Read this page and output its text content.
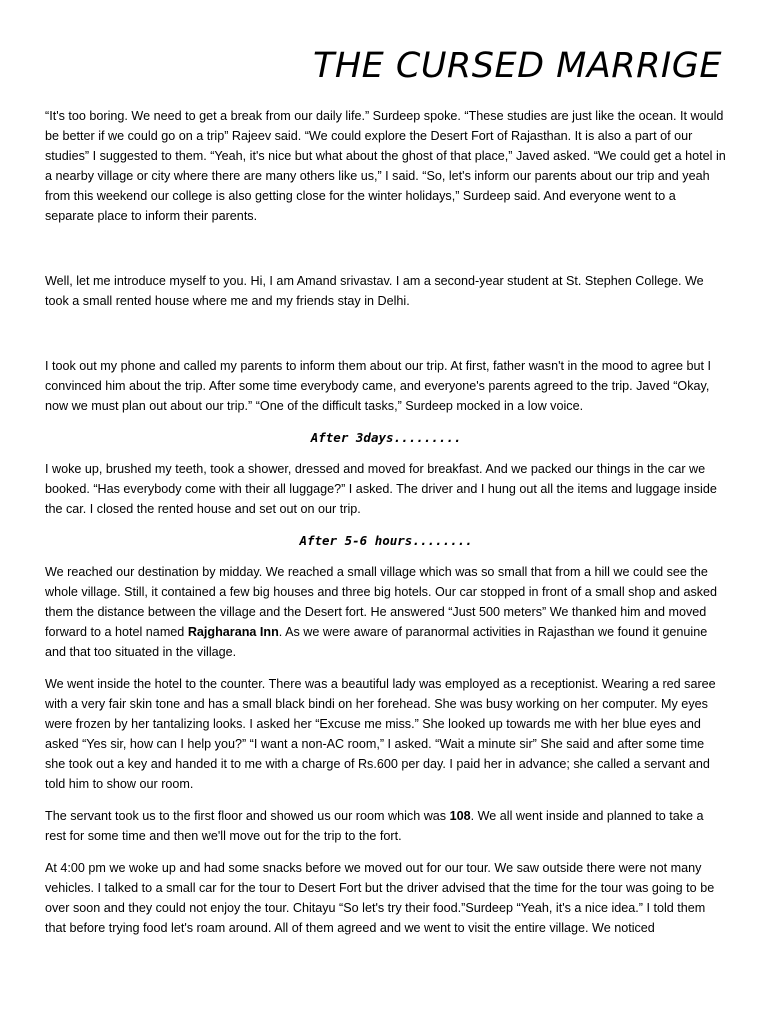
THE CURSED MARRIGE

“It's too boring. We need to get a break from our daily life.” Surdeep spoke. “These studies are just like the ocean. It would be better if we could go on a trip” Rajeev said. “We could explore the Desert Fort of Rajasthan. It is also a part of our studies” I suggested to them. “Yeah, it's nice but what about the ghost of that place,” Javed asked. “We could get a hotel in a nearby village or city where there are many others like us,” I said. “So, let's inform our parents about our trip and yeah from this weekend our college is also getting close for the winter holidays,” Surdeep said. And everyone went to a separate place to inform their parents.

Well, let me introduce myself to you. Hi, I am Amand srivastav. I am a second-year student at St. Stephen College. We took a small rented house where me and my friends stay in Delhi.

I took out my phone and called my parents to inform them about our trip. At first, father wasn't in the mood to agree but I convinced him about the trip. After some time everybody came, and everyone's parents agreed to the trip. Javed “Okay, now we must plan out about our trip.” “One of the difficult tasks,” Surdeep mocked in a low voice.

After 3days.........

I woke up, brushed my teeth, took a shower, dressed and moved for breakfast. And we packed our things in the car we booked. “Has everybody come with their all luggage?” I asked. The driver and I hung out all the items and luggage inside the car. I closed the rented house and set out on our trip.

After 5-6 hours........

We reached our destination by midday. We reached a small village which was so small that from a hill we could see the whole village. Still, it contained a few big houses and three big hotels. Our car stopped in front of a small shop and asked them the distance between the village and the Desert fort. He answered “Just 500 meters” We thanked him and moved forward to a hotel named Rajgharana Inn. As we were aware of paranormal activities in Rajasthan we found it genuine and that too situated in the village.

We went inside the hotel to the counter. There was a beautiful lady was employed as a receptionist. Wearing a red saree with a very fair skin tone and has a small black bindi on her forehead. She was busy working on her computer. My eyes were frozen by her tantalizing looks. I asked her “Excuse me miss.” She looked up towards me with her blue eyes and asked “Yes sir, how can I help you?” “I want a non-AC room,” I asked. “Wait a minute sir” She said and after some time she took out a key and handed it to me with a charge of Rs.600 per day. I paid her in advance; she called a servant and told him to show our room.

The servant took us to the first floor and showed us our room which was 108. We all went inside and planned to take a rest for some time and then we'll move out for the trip to the fort.

At 4:00 pm we woke up and had some snacks before we moved out for our tour. We saw outside there were not many vehicles. I talked to a small car for the tour to Desert Fort but the driver advised that the time for the tour was going to be over soon and they could not enjoy the tour. Chitayu “So let's try their food.”Surdeep “Yeah, it's a nice idea.” I told them that before trying food let's roam around. All of them agreed and we went to visit the entire village. We noticed
